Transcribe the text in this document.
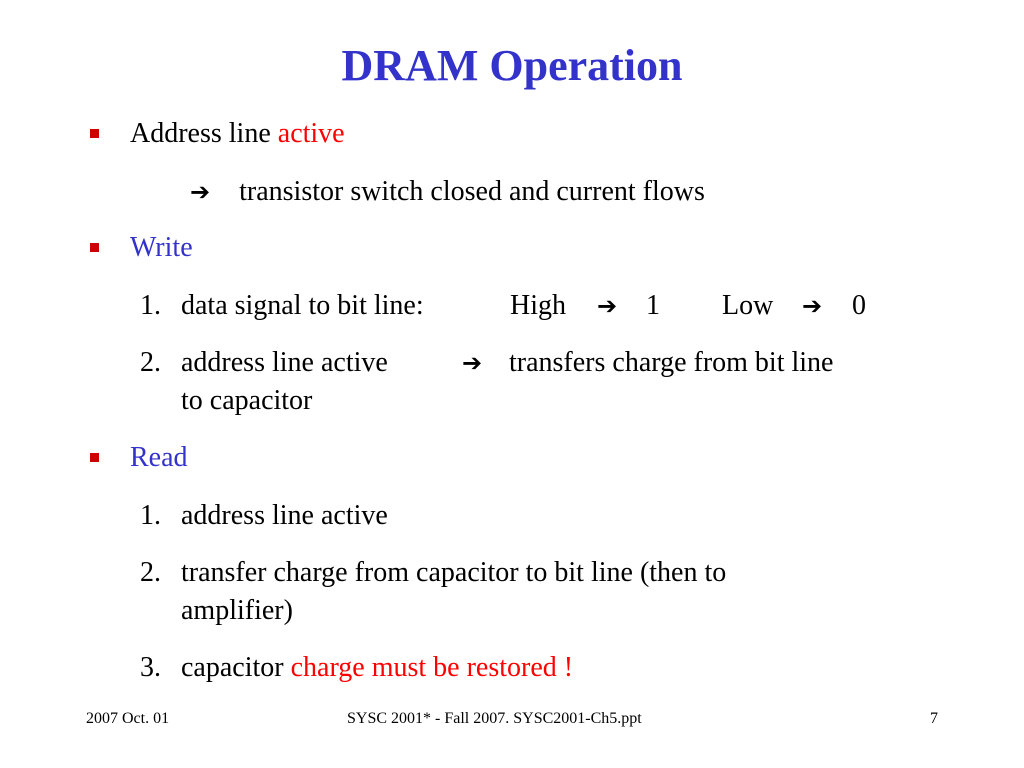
DRAM Operation
Address line active
➔ transistor switch closed and current flows
Write
1. data signal to bit line:	High ➔ 1 Low ➔ 0
2. address line active	➔ transfers charge from bit line
to capacitor
Read
1. address line active
2. transfer charge from capacitor to bit line (then to
amplifier)
3. capacitor charge must be restored !
2007 Oct. 01	SYSC 2001* - Fall 2007. SYSC2001-Ch5.ppt	7
